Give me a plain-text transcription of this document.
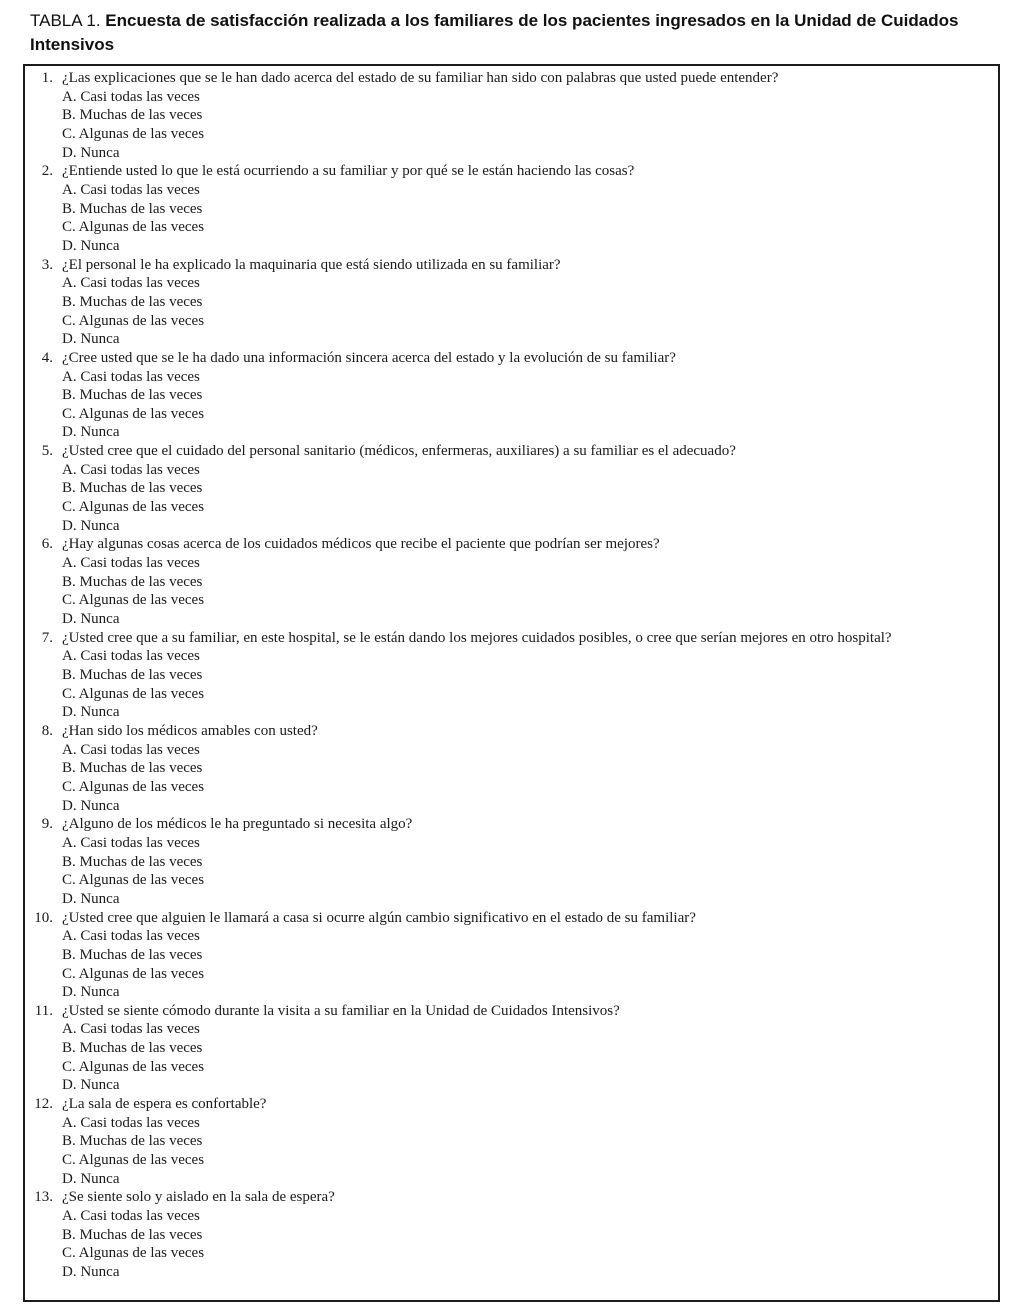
TABLA 1. Encuesta de satisfacción realizada a los familiares de los pacientes ingresados en la Unidad de Cuidados Intensivos
1. ¿Las explicaciones que se le han dado acerca del estado de su familiar han sido con palabras que usted puede entender?
A. Casi todas las veces
B. Muchas de las veces
C. Algunas de las veces
D. Nunca
2. ¿Entiende usted lo que le está ocurriendo a su familiar y por qué se le están haciendo las cosas?
A. Casi todas las veces
B. Muchas de las veces
C. Algunas de las veces
D. Nunca
3. ¿El personal le ha explicado la maquinaria que está siendo utilizada en su familiar?
A. Casi todas las veces
B. Muchas de las veces
C. Algunas de las veces
D. Nunca
4. ¿Cree usted que se le ha dado una información sincera acerca del estado y la evolución de su familiar?
A. Casi todas las veces
B. Muchas de las veces
C. Algunas de las veces
D. Nunca
5. ¿Usted cree que el cuidado del personal sanitario (médicos, enfermeras, auxiliares) a su familiar es el adecuado?
A. Casi todas las veces
B. Muchas de las veces
C. Algunas de las veces
D. Nunca
6. ¿Hay algunas cosas acerca de los cuidados médicos que recibe el paciente que podrían ser mejores?
A. Casi todas las veces
B. Muchas de las veces
C. Algunas de las veces
D. Nunca
7. ¿Usted cree que a su familiar, en este hospital, se le están dando los mejores cuidados posibles, o cree que serían mejores en otro hospital?
A. Casi todas las veces
B. Muchas de las veces
C. Algunas de las veces
D. Nunca
8. ¿Han sido los médicos amables con usted?
A. Casi todas las veces
B. Muchas de las veces
C. Algunas de las veces
D. Nunca
9. ¿Alguno de los médicos le ha preguntado si necesita algo?
A. Casi todas las veces
B. Muchas de las veces
C. Algunas de las veces
D. Nunca
10. ¿Usted cree que alguien le llamará a casa si ocurre algún cambio significativo en el estado de su familiar?
A. Casi todas las veces
B. Muchas de las veces
C. Algunas de las veces
D. Nunca
11. ¿Usted se siente cómodo durante la visita a su familiar en la Unidad de Cuidados Intensivos?
A. Casi todas las veces
B. Muchas de las veces
C. Algunas de las veces
D. Nunca
12. ¿La sala de espera es confortable?
A. Casi todas las veces
B. Muchas de las veces
C. Algunas de las veces
D. Nunca
13. ¿Se siente solo y aislado en la sala de espera?
A. Casi todas las veces
B. Muchas de las veces
C. Algunas de las veces
D. Nunca
